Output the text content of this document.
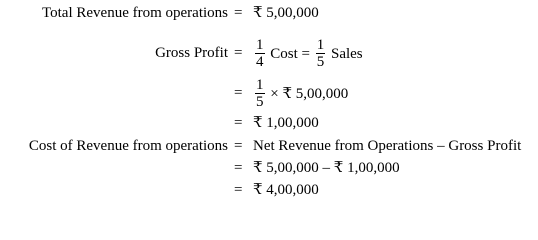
Total Revenue from operations = ₹ 5,00,000
Gross Profit = $\frac{1}{4}$ Cost = $\frac{1}{5}$ Sales
= $\frac{1}{5}$ × ₹ 5,00,000
= ₹ 1,00,000
Cost of Revenue from operations = Net Revenue from Operations – Gross Profit
= ₹ 5,00,000 – ₹ 1,00,000
= ₹ 4,00,000
